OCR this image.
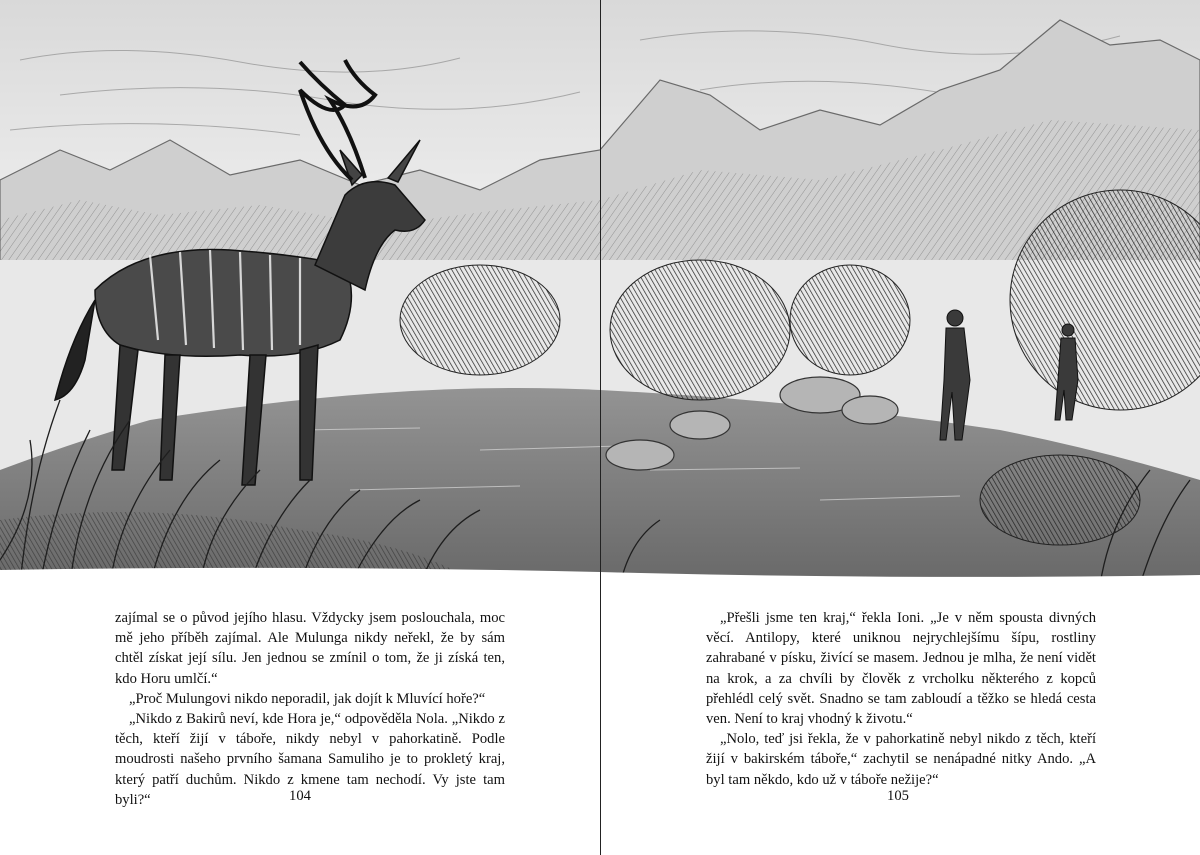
zajímal se o původ jejího hlasu. Vždycky jsem poslouchala, moc mě jeho příběh zajímal. Ale Mulunga nikdy neřekl, že by sám chtěl získat její sílu. Jen jednou se zmínil o tom, že ji získá ten, kdo Horu umlčí.“

„Proč Mulungovi nikdo neporadil, jak dojít k Mluvící hoře?“

„Nikdo z Bakirů neví, kde Hora je,“ odpověděla Nola. „Nikdo z těch, kteří žijí v táboře, nikdy nebyl v pahorkatině. Podle moudrosti našeho prvního šamana Samuliho je to prokletý kraj, který patří duchům. Nikdo z kmene tam nechodí. Vy jste tam byli?“

„Přešli jsme ten kraj,“ řekla Ioni. „Je v něm spousta divných věcí. Antilopy, které uniknou nejrychlejšímu šípu, rostliny zahrabané v písku, živící se masem. Jednou je mlha, že není vidět na krok, a za chvíli by člověk z vrcholku některého z kopců přehlédl celý svět. Snadno se tam zabloudí a těžko se hledá cesta ven. Není to kraj vhodný k životu.“

„Nolo, teď jsi řekla, že v pahorkatině nebyl nikdo z těch, kteří žijí v bakirském táboře,“ zachytil se nenápadné nitky Ando. „A byl tam někdo, kdo už v táboře nežije?“

104	105
